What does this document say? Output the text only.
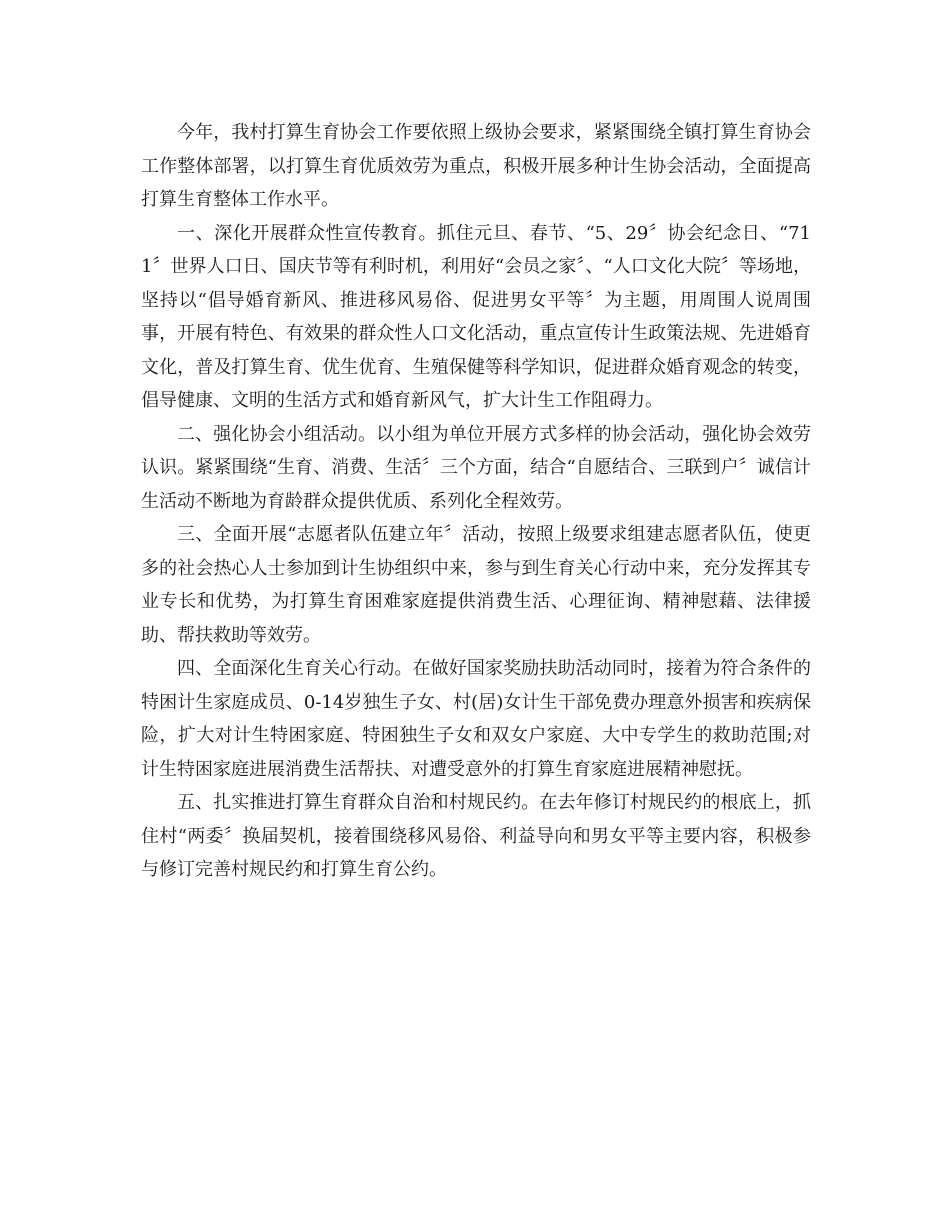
今年，我村打算生育协会工作要依照上级协会要求，紧紧围绕全镇打算生育协会工作整体部署，以打算生育优质效劳为重点，积极开展多种计生协会活动，全面提高打算生育整体工作水平。

一、深化开展群众性宣传教育。抓住元旦、春节、“5、29〞协会纪念日、“711〞世界人口日、国庆节等有利时机，利用好“会员之家〞、“人口文化大院〞等场地，坚持以“倡导婚育新风、推进移风易俗、促进男女平等〞为主题，用周围人说周围事，开展有特色、有效果的群众性人口文化活动，重点宣传计生政策法规、先进婚育文化，普及打算生育、优生优育、生殖保健等科学知识，促进群众婚育观念的转变，倡导健康、文明的生活方式和婚育新风气，扩大计生工作阻碍力。

二、强化协会小组活动。以小组为单位开展方式多样的协会活动，强化协会效劳认识。紧紧围绕“生育、消费、生活〞三个方面，结合“自愿结合、三联到户〞诚信计生活动不断地为育龄群众提供优质、系列化全程效劳。

三、全面开展“志愿者队伍建立年〞活动，按照上级要求组建志愿者队伍，使更多的社会热心人士参加到计生协组织中来，参与到生育关心行动中来，充分发挥其专业专长和优势，为打算生育困难家庭提供消费生活、心理征询、精神慰藉、法律援助、帮扶救助等效劳。

四、全面深化生育关心行动。在做好国家奖励扶助活动同时，接着为符合条件的特困计生家庭成员、0-14岁独生子女、村(居)女计生干部免费办理意外损害和疾病保险，扩大对计生特困家庭、特困独生子女和双女户家庭、大中专学生的救助范围;对计生特困家庭进展消费生活帮扶、对遭受意外的打算生育家庭进展精神慰抚。

五、扎实推进打算生育群众自治和村规民约。在去年修订村规民约的根底上，抓住村“两委〞换届契机，接着围绕移风易俗、利益导向和男女平等主要内容，积极参与修订完善村规民约和打算生育公约。
